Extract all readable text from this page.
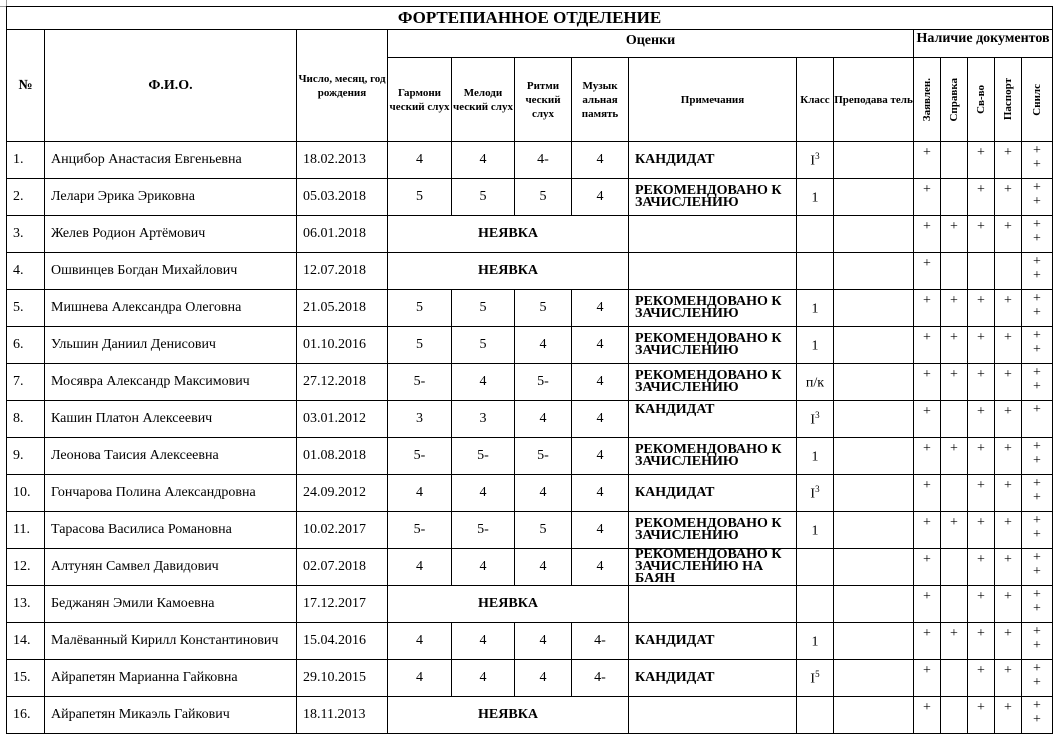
ФОРТЕПИАННОЕ ОТДЕЛЕНИЕ														
№	Ф.И.О.	Число, месяц, год рождения	Оценки							Наличие документов				
			Гармони ческий слух	Мелоди ческий слух	Ритми ческий слух	Музык альная память	Примечания	Класс	Преподава тель	Заявлен.	Справка	Св-во	Паспорт	Снилс

1.	Анцибор Анастасия Евгеньевна	18.02.2013	4	4	4-	4	КАНДИДАТ	$I^3$		+		+	+	+
+
2.	Лелари Эрика Эриковна	05.03.2018	5	5	5	4	РЕКОМЕНДОВАНО К ЗАЧИСЛЕНИЮ	1		+		+	+	+
+
3.	Желев Родион Артёмович	06.01.2018	НЕЯВКА							+	+	+	+	+
+
4.	Ошвинцев Богдан Михайлович	12.07.2018	НЕЯВКА							+				+
+
5.	Мишнева Александра Олеговна	21.05.2018	5	5	5	4	РЕКОМЕНДОВАНО К ЗАЧИСЛЕНИЮ	1		+	+	+	+	+
+
6.	Ульшин Даниил Денисович	01.10.2016	5	5	4	4	РЕКОМЕНДОВАНО К ЗАЧИСЛЕНИЮ	1		+	+	+	+	+
+
7.	Мосявра Александр Максимович	27.12.2018	5-	4	5-	4	РЕКОМЕНДОВАНО К ЗАЧИСЛЕНИЮ	п/к		+	+	+	+	+
+
8.	Кашин Платон Алексеевич	03.01.2012	3	3	4	4	КАНДИДАТ	$I^3$		+		+	+	+
9.	Леонова Таисия Алексеевна	01.08.2018	5-	5-	5-	4	РЕКОМЕНДОВАНО К ЗАЧИСЛЕНИЮ	1		+	+	+	+	+
+
10.	Гончарова Полина Александровна	24.09.2012	4	4	4	4	КАНДИДАТ	$I^3$		+		+	+	+
+
11.	Тарасова Василиса Романовна	10.02.2017	5-	5-	5	4	РЕКОМЕНДОВАНО К ЗАЧИСЛЕНИЮ	1		+	+	+	+	+
+
12.	Алтунян Самвел Давидович	02.07.2018	4	4	4	4	РЕКОМЕНДОВАНО К ЗАЧИСЛЕНИЮ НА БАЯН			+		+	+	+
+
13.	Беджанян Эмили Камоевна	17.12.2017	НЕЯВКА							+		+	+	+
+
14.	Малёванный Кирилл Константинович	15.04.2016	4	4	4	4-	КАНДИДАТ	1		+	+	+	+	+
+
15.	Айрапетян Марианна Гайковна	29.10.2015	4	4	4	4-	КАНДИДАТ	$I^5$		+		+	+	+
+
16.	Айрапетян Микаэль Гайкович	18.11.2013	НЕЯВКА							+		+	+	+
+
